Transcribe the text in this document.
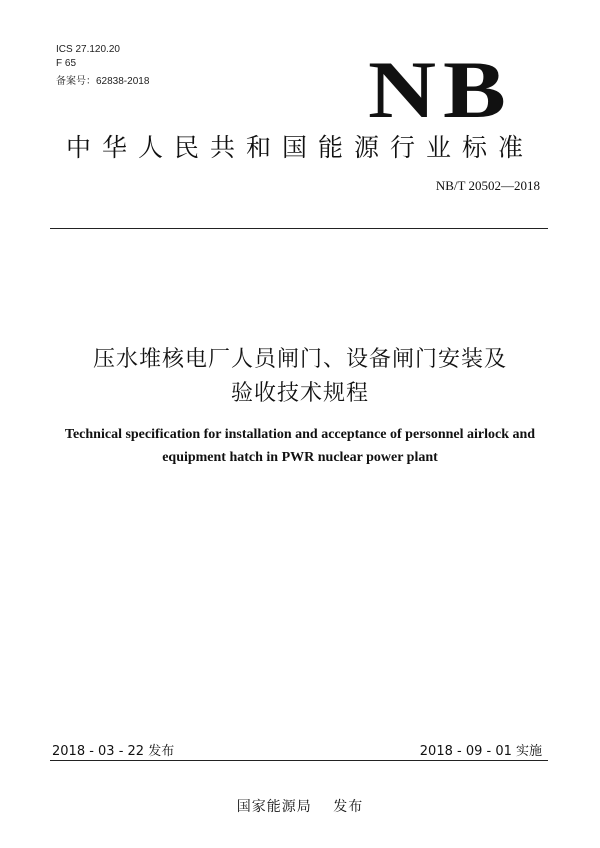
ICS 27.120.20
F 65
备案号：62838-2018	NB
中华人民共和国能源行业标准
NB/T 20502—2018
压水堆核电厂人员闸门、设备闸门安装及
验收技术规程
Technical specification for installation and acceptance of personnel airlock and
equipment hatch in PWR nuclear power plant
2018 - 03 - 22 发布	2018 - 09 - 01 实施
国家能源局 发布
